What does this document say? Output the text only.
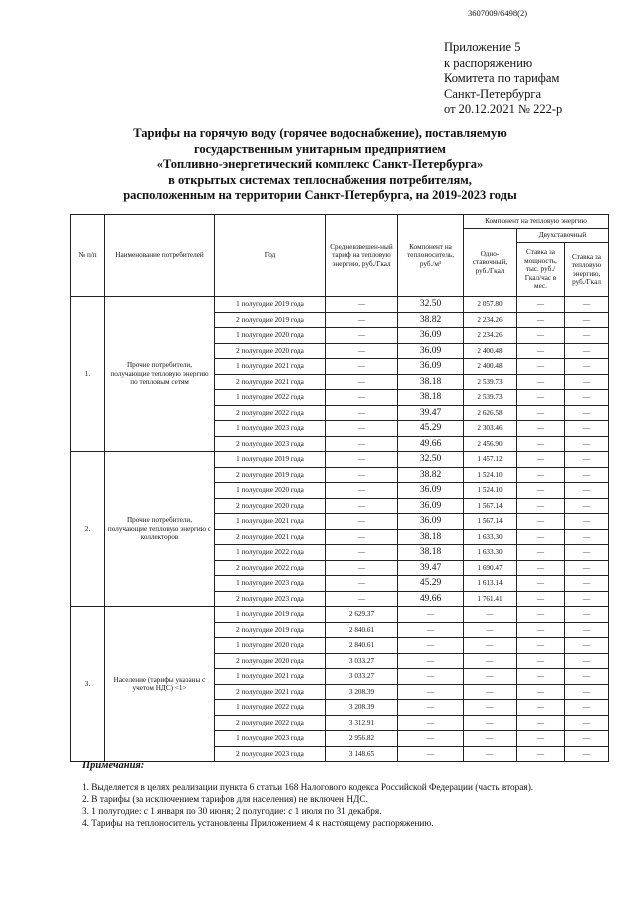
3607009/6498(2)
Приложение 5
к распоряжению
Комитета по тарифам
Санкт-Петербурга
от 20.12.2021 № 222-р
Тарифы на горячую воду (горячее водоснабжение), поставляемую
государственным унитарным предприятием
«Топливно-энергетический комплекс Санкт-Петербурга»
в открытых системах теплоснабжения потребителям,
расположенным на территории Санкт-Петербурга, на 2019-2023 годы
№ п/п	Наименование потребителей	Год	Средневзвешен-ный тариф на тепловую энергию, руб./Гкал	Компонент на теплоноситель, руб./м³	Компонент на тепловую энергию		
					Одно-ставочный, руб./Гкал	Двухставочный	
						Ставка за мощность, тыс. руб./Гкал/час в мес.	Ставка за тепловую энергию, руб./Гкал
1.	Прочие потребители, получающие тепловую энергию по тепловым сетям	1 полугодие 2019 года	—	32.50	2 057.80	—	—
		2 полугодие 2019 года	—	38.82	2 234.26	—	—
		1 полугодие 2020 года	—	36.09	2 234.26	—	—
		2 полугодие 2020 года	—	36.09	2 400.48	—	—
		1 полугодие 2021 года	—	36.09	2 400.48	—	—
		2 полугодие 2021 года	—	38.18	2 539.73	—	—
		1 полугодие 2022 года	—	38.18	2 539.73	—	—
		2 полугодие 2022 года	—	39.47	2 626.58	—	—
		1 полугодие 2023 года	—	45.29	2 303.46	—	—
		2 полугодие 2023 года	—	49.66	2 456.90	—	—
2.	Прочие потребители, получающие тепловую энергию с коллекторов	1 полугодие 2019 года	—	32.50	1 457.12	—	—
		2 полугодие 2019 года	—	38.82	1 524.10	—	—
		1 полугодие 2020 года	—	36.09	1 524.10	—	—
		2 полугодие 2020 года	—	36.09	1 567.14	—	—
		1 полугодие 2021 года	—	36.09	1 567.14	—	—
		2 полугодие 2021 года	—	38.18	1 633.30	—	—
		1 полугодие 2022 года	—	38.18	1 633.30	—	—
		2 полугодие 2022 года	—	39.47	1 690.47	—	—
		1 полугодие 2023 года	—	45.29	1 613.14	—	—
		2 полугодие 2023 года	—	49.66	1 761.41	—	—
3.	Население (тарифы указаны с учетом НДС) <1>	1 полугодие 2019 года	2 629.37	—	—	—	—
		2 полугодие 2019 года	2 840.61	—	—	—	—
		1 полугодие 2020 года	2 840.61	—	—	—	—
		2 полугодие 2020 года	3 033.27	—	—	—	—
		1 полугодие 2021 года	3 033.27	—	—	—	—
		2 полугодие 2021 года	3 208.39	—	—	—	—
		1 полугодие 2022 года	3 208.39	—	—	—	—
		2 полугодие 2022 года	3 312.91	—	—	—	—
		1 полугодие 2023 года	2 956.82	—	—	—	—
		2 полугодие 2023 года	3 148.65	—	—	—	—
Примечания:
1. Выделяется в целях реализации пункта 6 статьи 168 Налогового кодекса Российской Федерации (часть вторая).
2. В тарифы (за исключением тарифов для населения) не включен НДС.
3. 1 полугодие: с 1 января по 30 июня; 2 полугодие: с 1 июля по 31 декабря.
4. Тарифы на теплоноситель установлены Приложением 4 к настоящему распоряжению.
